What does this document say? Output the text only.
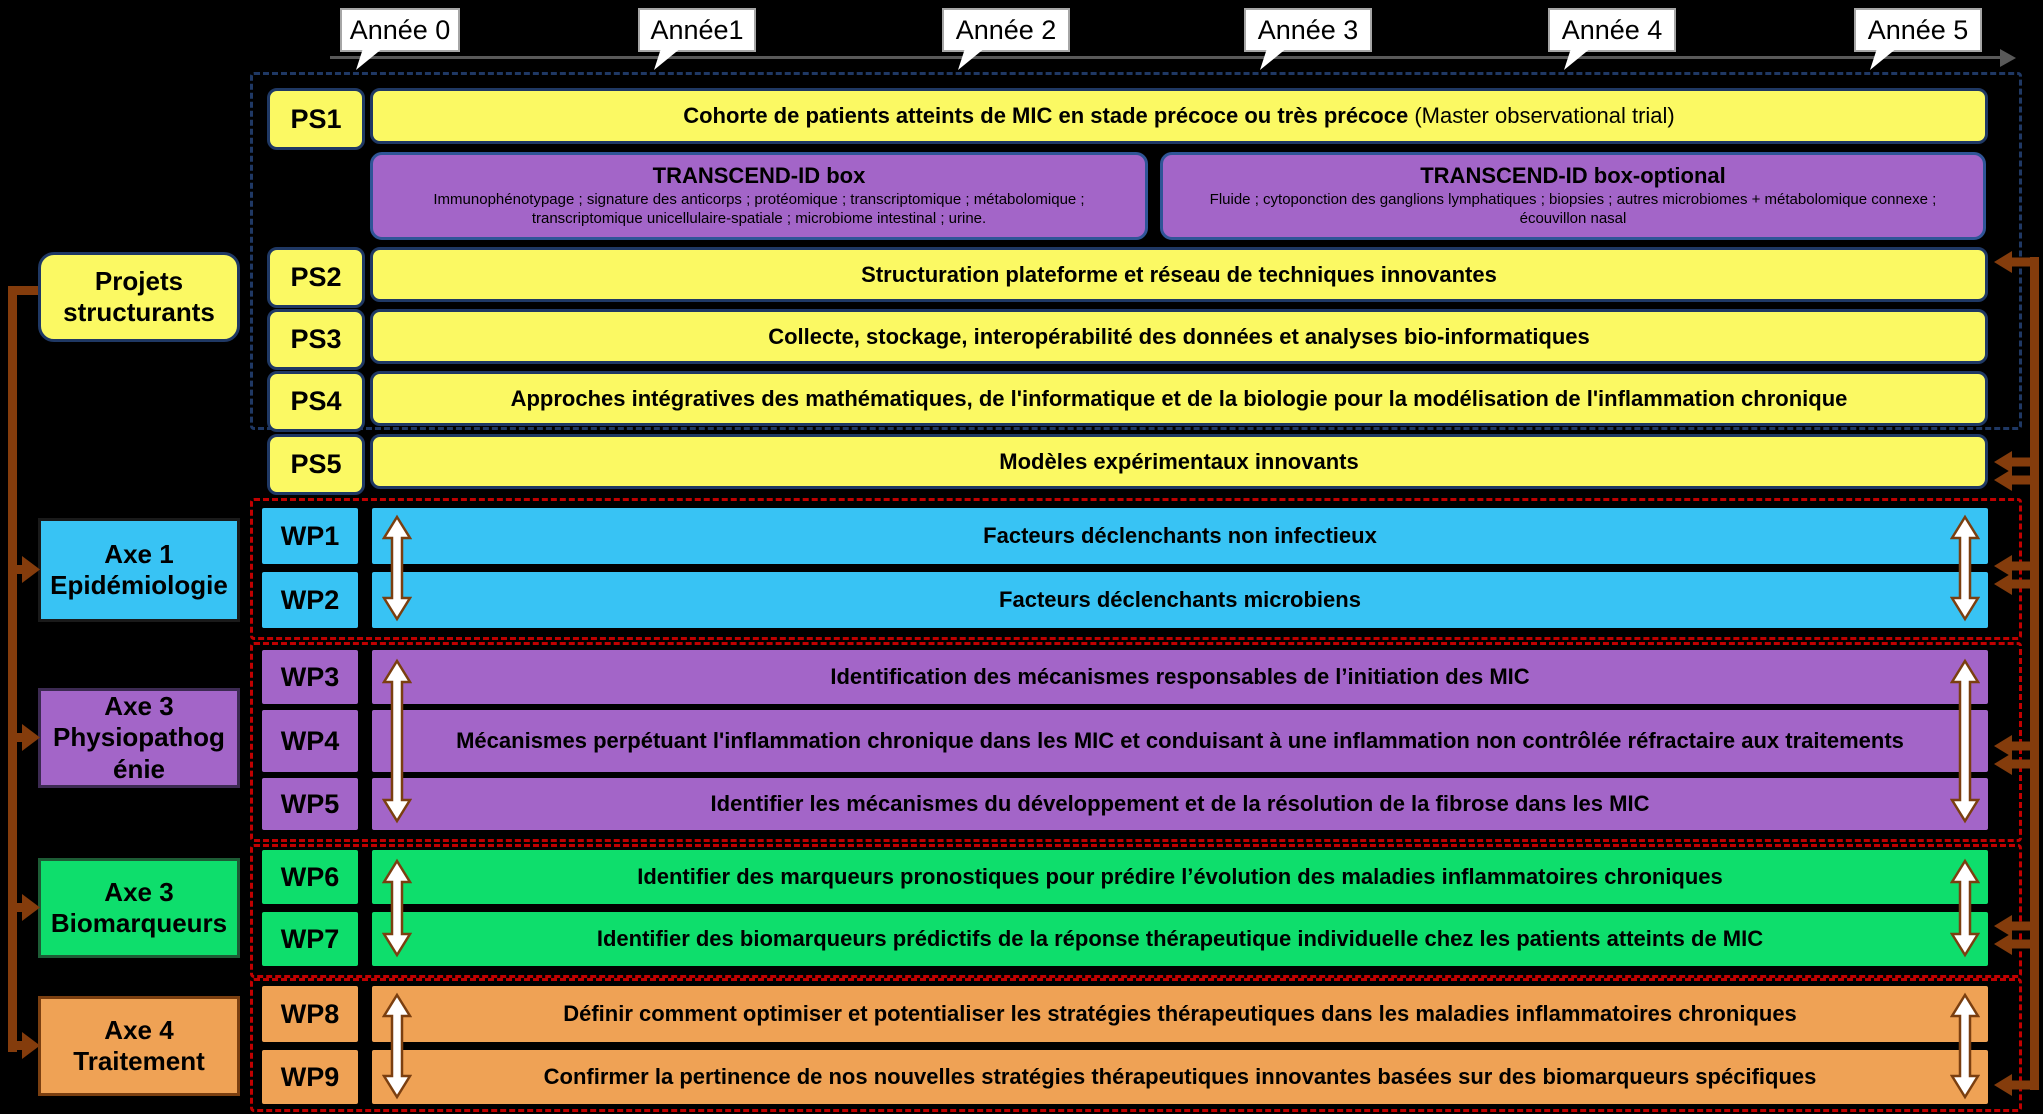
Année 0	Année1	Année 2	Année 3	Année 4	Année 5
Projets structurants
Axe 1 Epidémiologie
Axe 3 Physiopathogénie
Axe 3 Biomarqueurs
Axe 4 Traitement
PS1	Cohorte de patients atteints de MIC en stade précoce ou très précoce (Master observational trial)
TRANSCEND-ID box
Immunophénotypage ; signature des anticorps ; protéomique ; transcriptomique ; métabolomique ; transcriptomique unicellulaire-spatiale ; microbiome intestinal ; urine.
TRANSCEND-ID box-optional
Fluide ; cytoponction des ganglions lymphatiques ; biopsies ; autres microbiomes + métabolomique connexe ; écouvillon nasal
PS2	Structuration plateforme et réseau de techniques innovantes
PS3	Collecte, stockage, interopérabilité des données et analyses bio-informatiques
PS4	Approches intégratives des mathématiques, de l'informatique et de la biologie pour la modélisation de l'inflammation chronique
PS5	Modèles expérimentaux innovants
WP1	Facteurs déclenchants non infectieux
WP2	Facteurs déclenchants microbiens
WP3	Identification des mécanismes responsables de l’initiation des MIC
WP4	Mécanismes perpétuant l'inflammation chronique dans les MIC et conduisant à une inflammation non contrôlée réfractaire aux traitements
WP5	Identifier les mécanismes du développement et de la résolution de la fibrose dans les MIC
WP6	Identifier des marqueurs pronostiques pour prédire l’évolution des maladies inflammatoires chroniques
WP7	Identifier des biomarqueurs prédictifs de la réponse thérapeutique individuelle chez les patients atteints de MIC
WP8	Définir comment optimiser et potentialiser les stratégies thérapeutiques dans les maladies inflammatoires chroniques
WP9	Confirmer la pertinence de nos nouvelles stratégies thérapeutiques innovantes basées sur des biomarqueurs spécifiques
